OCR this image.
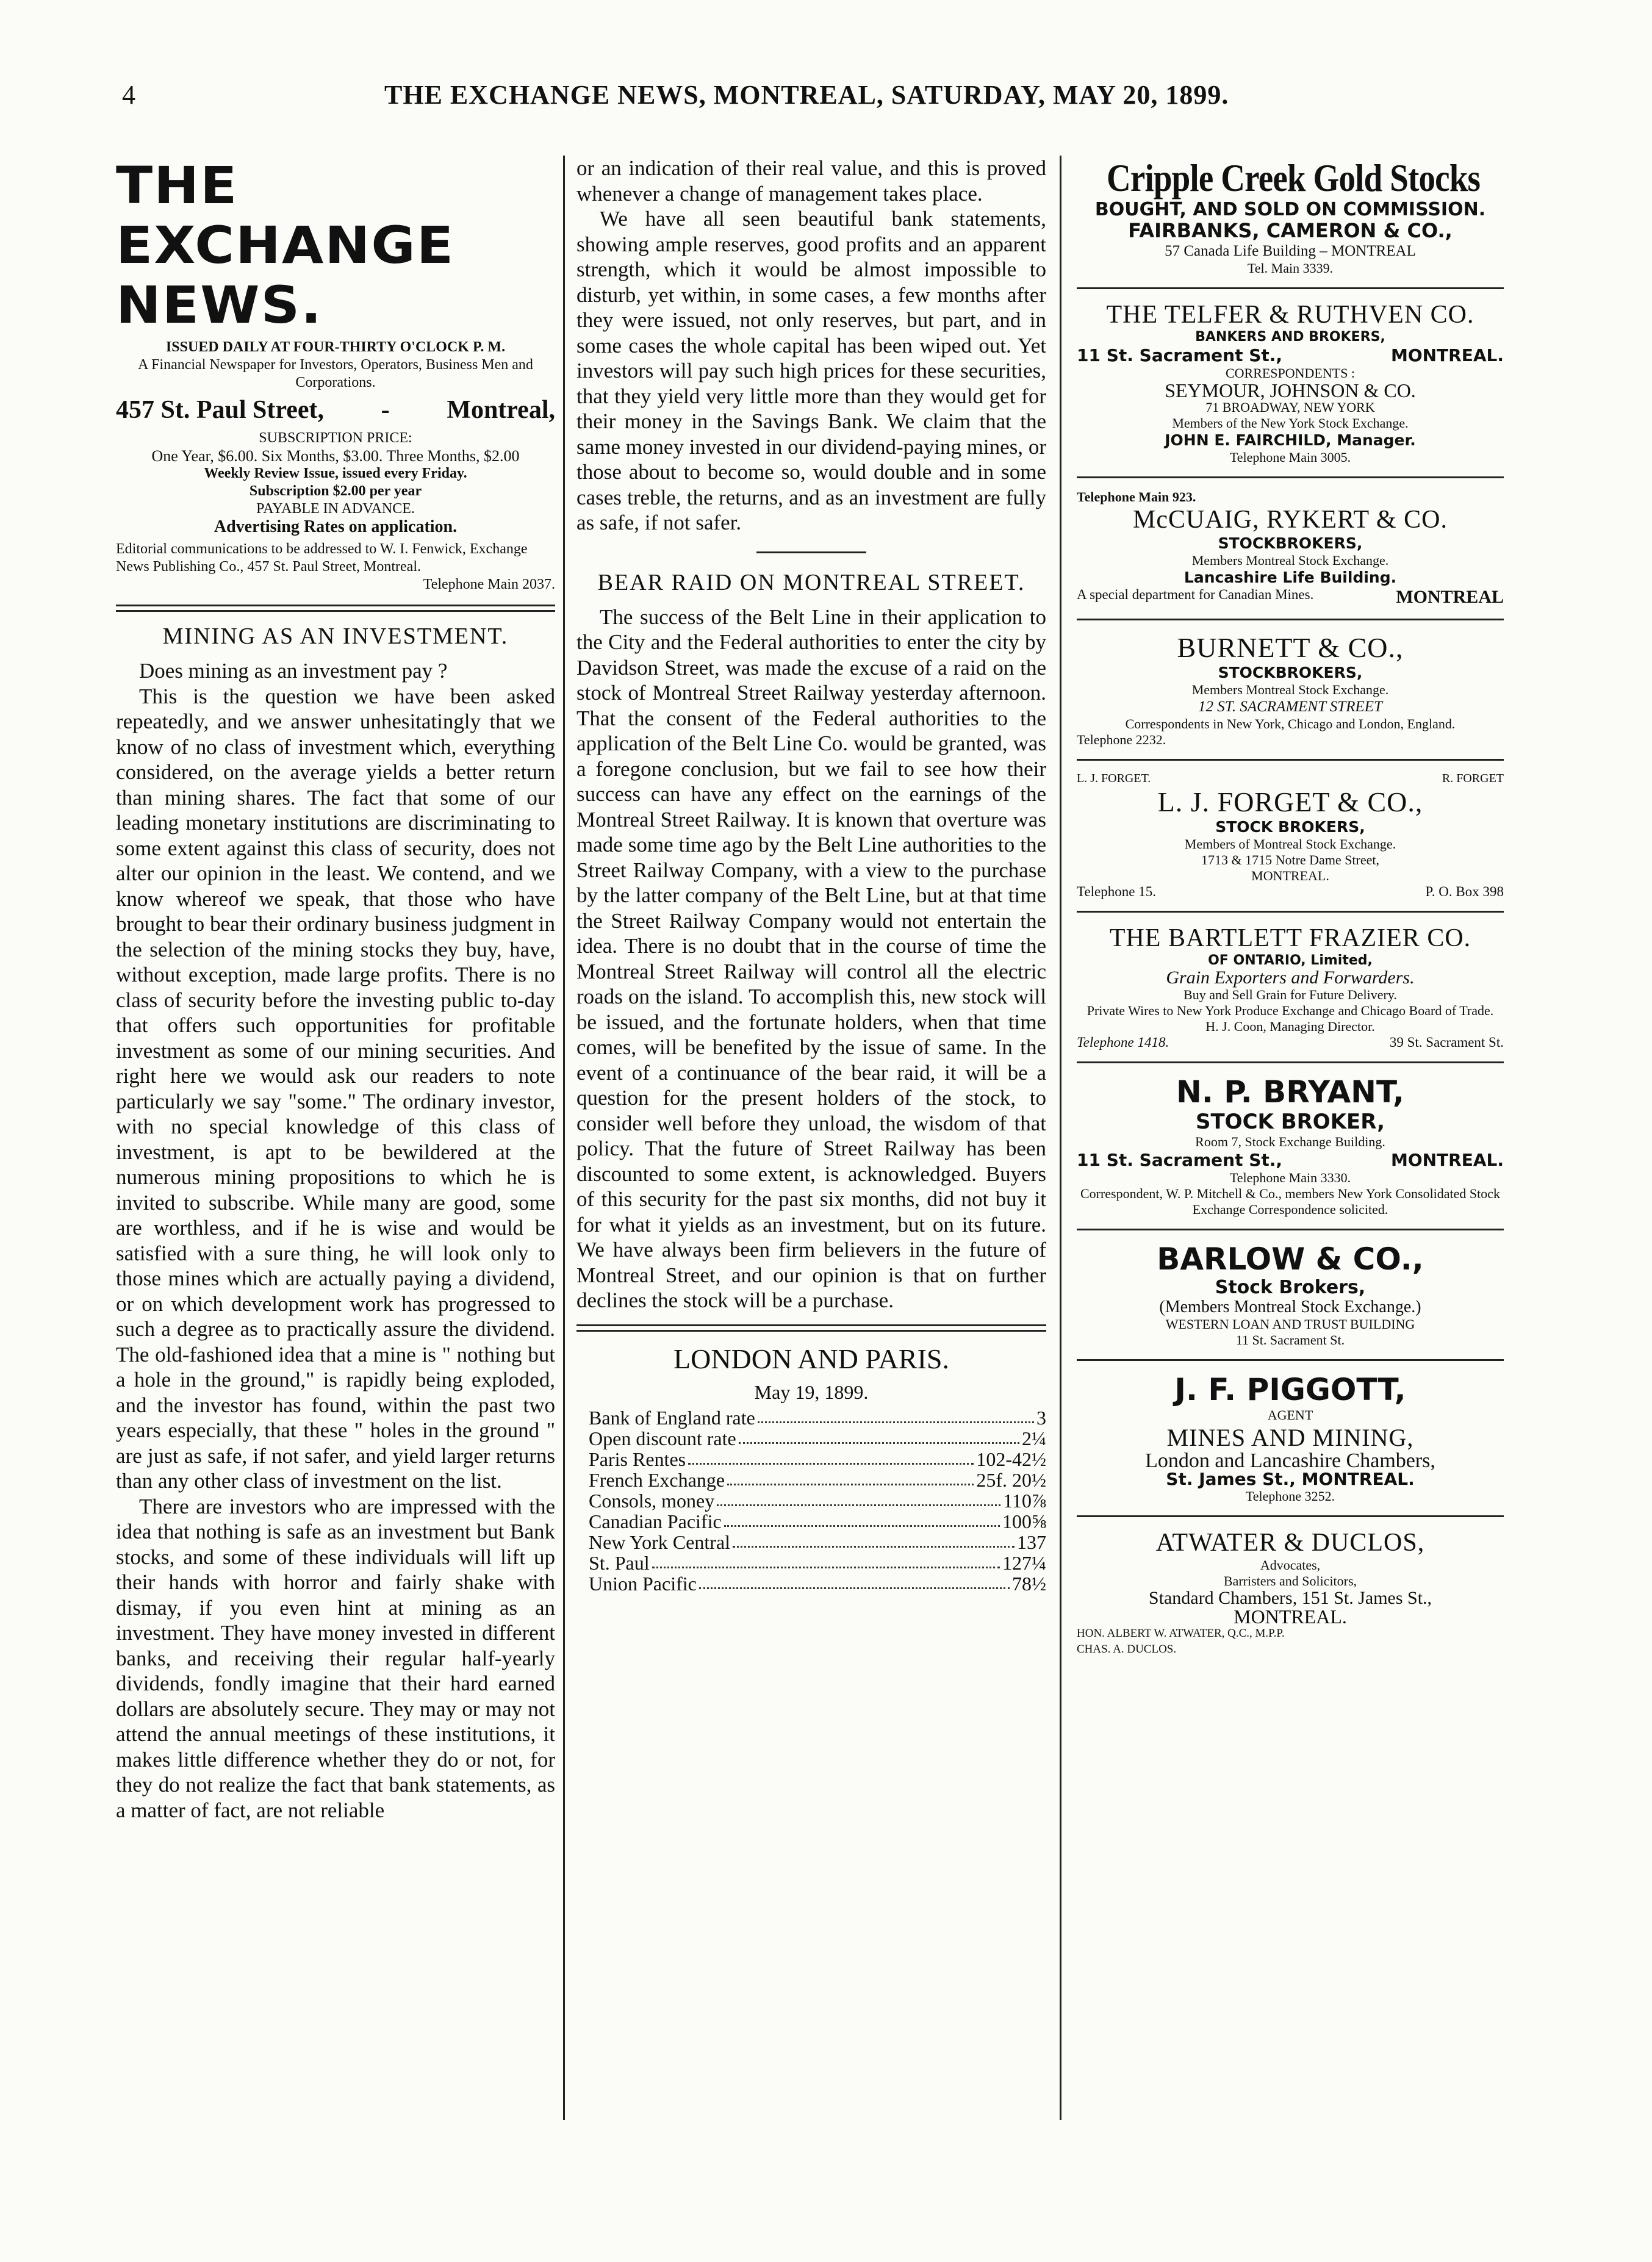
4	THE EXCHANGE NEWS, MONTREAL, SATURDAY, MAY 20, 1899.
THE EXCHANGE NEWS.
ISSUED DAILY AT FOUR-THIRTY O'CLOCK P. M.
A Financial Newspaper for Investors, Operators, Business Men and Corporations.
457 St. Paul Street, - Montreal,
SUBSCRIPTION PRICE:
One Year, $6.00. Six Months, $3.00. Three Months, $2.00
Weekly Review Issue, issued every Friday.
Subscription $2.00 per year
PAYABLE IN ADVANCE.
Advertising Rates on application.
Editorial communications to be addressed to W. I. Fenwick, Exchange News Publishing Co., 457 St. Paul Street, Montreal.
Telephone Main 2037.
MINING AS AN INVESTMENT.

Does mining as an investment pay ?

This is the question we have been asked repeatedly, and we answer unhesitatingly that we know of no class of investment which, everything considered, on the average yields a better return than mining shares. The fact that some of our leading monetary institutions are discriminating to some extent against this class of security, does not alter our opinion in the least. We contend, and we know whereof we speak, that those who have brought to bear their ordinary business judgment in the selection of the mining stocks they buy, have, without exception, made large profits. There is no class of security before the investing public to-day that offers such opportunities for profitable investment as some of our mining securities. And right here we would ask our readers to note particularly we say "some." The ordinary investor, with no special knowledge of this class of investment, is apt to be bewildered at the numerous mining propositions to which he is invited to subscribe. While many are good, some are worthless, and if he is wise and would be satisfied with a sure thing, he will look only to those mines which are actually paying a dividend, or on which development work has progressed to such a degree as to practically assure the dividend. The old-fashioned idea that a mine is " nothing but a hole in the ground," is rapidly being exploded, and the investor has found, within the past two years especially, that these " holes in the ground " are just as safe, if not safer, and yield larger returns than any other class of investment on the list.

There are investors who are impressed with the idea that nothing is safe as an investment but Bank stocks, and some of these individuals will lift up their hands with horror and fairly shake with dismay, if you even hint at mining as an investment. They have money invested in different banks, and receiving their regular half-yearly dividends, fondly imagine that their hard earned dollars are absolutely secure. They may or may not attend the annual meetings of these institutions, it makes little difference whether they do or not, for they do not realize the fact that bank statements, as a matter of fact, are not reliable

or an indication of their real value, and this is proved whenever a change of management takes place.

We have all seen beautiful bank statements, showing ample reserves, good profits and an apparent strength, which it would be almost impossible to disturb, yet within, in some cases, a few months after they were issued, not only reserves, but part, and in some cases the whole capital has been wiped out. Yet investors will pay such high prices for these securities, that they yield very little more than they would get for their money in the Savings Bank. We claim that the same money invested in our dividend-paying mines, or those about to become so, would double and in some cases treble, the returns, and as an investment are fully as safe, if not safer.

BEAR RAID ON MONTREAL STREET.

The success of the Belt Line in their application to the City and the Federal authorities to enter the city by Davidson Street, was made the excuse of a raid on the stock of Montreal Street Railway yesterday afternoon. That the consent of the Federal authorities to the application of the Belt Line Co. would be granted, was a foregone conclusion, but we fail to see how their success can have any effect on the earnings of the Montreal Street Railway. It is known that overture was made some time ago by the Belt Line authorities to the Street Railway Company, with a view to the purchase by the latter company of the Belt Line, but at that time the Street Railway Company would not entertain the idea. There is no doubt that in the course of time the Montreal Street Railway will control all the electric roads on the island. To accomplish this, new stock will be issued, and the fortunate holders, when that time comes, will be benefited by the issue of same. In the event of a continuance of the bear raid, it will be a question for the present holders of the stock, to consider well before they unload, the wisdom of that policy. That the future of Street Railway has been discounted to some extent, is acknowledged. Buyers of this security for the past six months, did not buy it for what it yields as an investment, but on its future. We have always been firm believers in the future of Montreal Street, and our opinion is that on further declines the stock will be a purchase.

LONDON AND PARIS.
May 19, 1899.
Bank of England rate	3
Open discount rate	2¼
Paris Rentes	102-42½
French Exchange	25f. 20½
Consols, money	110⅞
Canadian Pacific	100⅝
New York Central	137
St. Paul	127¼
Union Pacific	78½
Cripple Creek Gold Stocks
BOUGHT, AND SOLD ON COMMISSION.
FAIRBANKS, CAMERON & CO.,
57 Canada Life Building – MONTREAL
Tel. Main 3339.
THE TELFER & RUTHVEN CO.
BANKERS AND BROKERS,
11 St. Sacrament St.,	MONTREAL.
CORRESPONDENTS :
SEYMOUR, JOHNSON & CO.
71 BROADWAY, NEW YORK
Members of the New York Stock Exchange.
JOHN E. FAIRCHILD, Manager.
Telephone Main 3005.
Telephone Main 923.
McCUAIG, RYKERT & CO.
STOCKBROKERS,
Members Montreal Stock Exchange.
Lancashire Life Building.
A special department for Canadian Mines.	MONTREAL
BURNETT & CO.,
STOCKBROKERS,
Members Montreal Stock Exchange.
12 ST. SACRAMENT STREET
Correspondents in New York, Chicago and London, England.
Telephone 2232.
L. J. FORGET.	R. FORGET
L. J. FORGET & CO.,
STOCK BROKERS,
Members of Montreal Stock Exchange.
1713 & 1715 Notre Dame Street,
MONTREAL.
Telephone 15.	P. O. Box 398
THE BARTLETT FRAZIER CO.
OF ONTARIO, Limited,
Grain Exporters and Forwarders.
Buy and Sell Grain for Future Delivery.
Private Wires to New York Produce Exchange and Chicago Board of Trade.
H. J. Coon, Managing Director.
Telephone 1418.	39 St. Sacrament St.
N. P. BRYANT,
STOCK BROKER,
Room 7, Stock Exchange Building.
11 St. Sacrament St.,	MONTREAL.
Telephone Main 3330.
Correspondent, W. P. Mitchell & Co., members New York Consolidated Stock Exchange Correspondence solicited.
BARLOW & CO.,
Stock Brokers,
(Members Montreal Stock Exchange.)
WESTERN LOAN AND TRUST BUILDING
11 St. Sacrament St.
J. F. PIGGOTT,
AGENT
MINES AND MINING,
London and Lancashire Chambers,
St. James St., MONTREAL.
Telephone 3252.
ATWATER & DUCLOS,
Advocates,
Barristers and Solicitors,
Standard Chambers, 151 St. James St.,
MONTREAL.
HON. ALBERT W. ATWATER, Q.C., M.P.P.
CHAS. A. DUCLOS.
